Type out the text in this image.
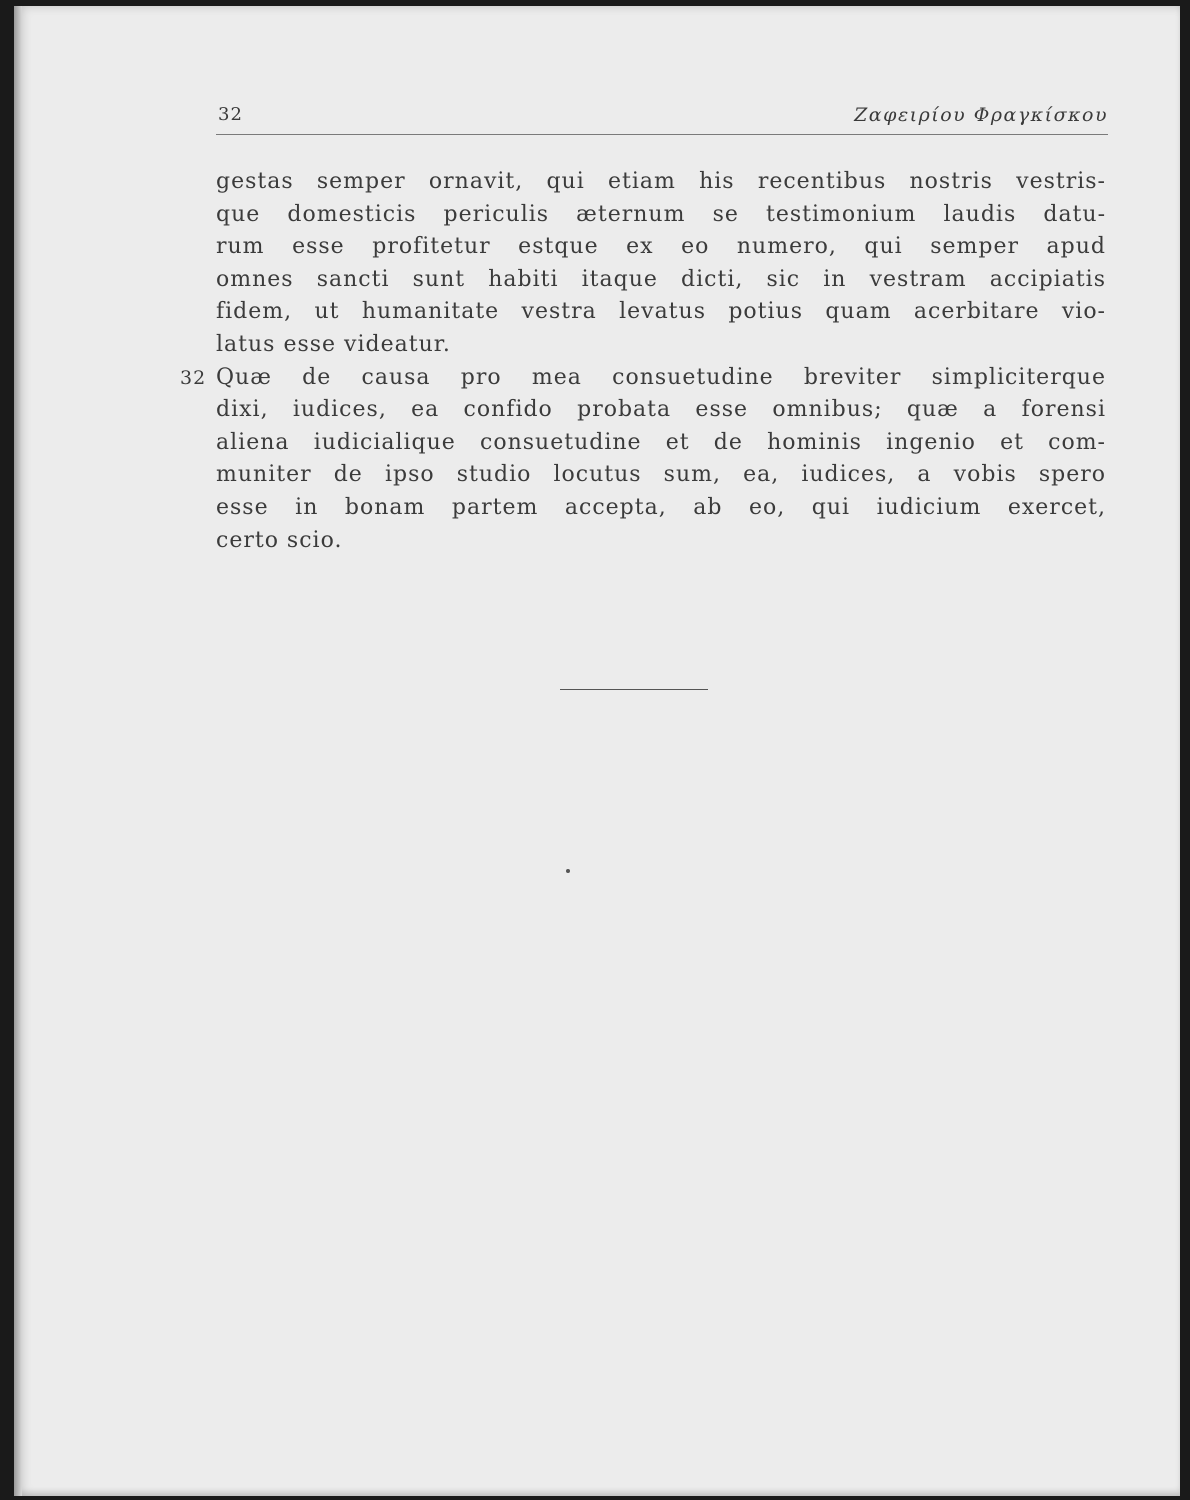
32	Ζαφειρίου Φραγκίσκου
32
gestas semper ornavit, qui etiam his recentibus nostris vestris-
que domesticis periculis æternum se testimonium laudis datu-
rum esse profitetur estque ex eo numero, qui semper apud
omnes sancti sunt habiti itaque dicti, sic in vestram accipiatis
fidem, ut humanitate vestra levatus potius quam acerbitare vio-
latus esse videatur.
Quæ de causa pro mea consuetudine breviter simpliciterque
dixi, iudices, ea confido probata esse omnibus; quæ a forensi
aliena iudicialique consuetudine et de hominis ingenio et com-
muniter de ipso studio locutus sum, ea, iudices, a vobis spero
esse in bonam partem accepta, ab eo, qui iudicium exercet,
certo scio.
